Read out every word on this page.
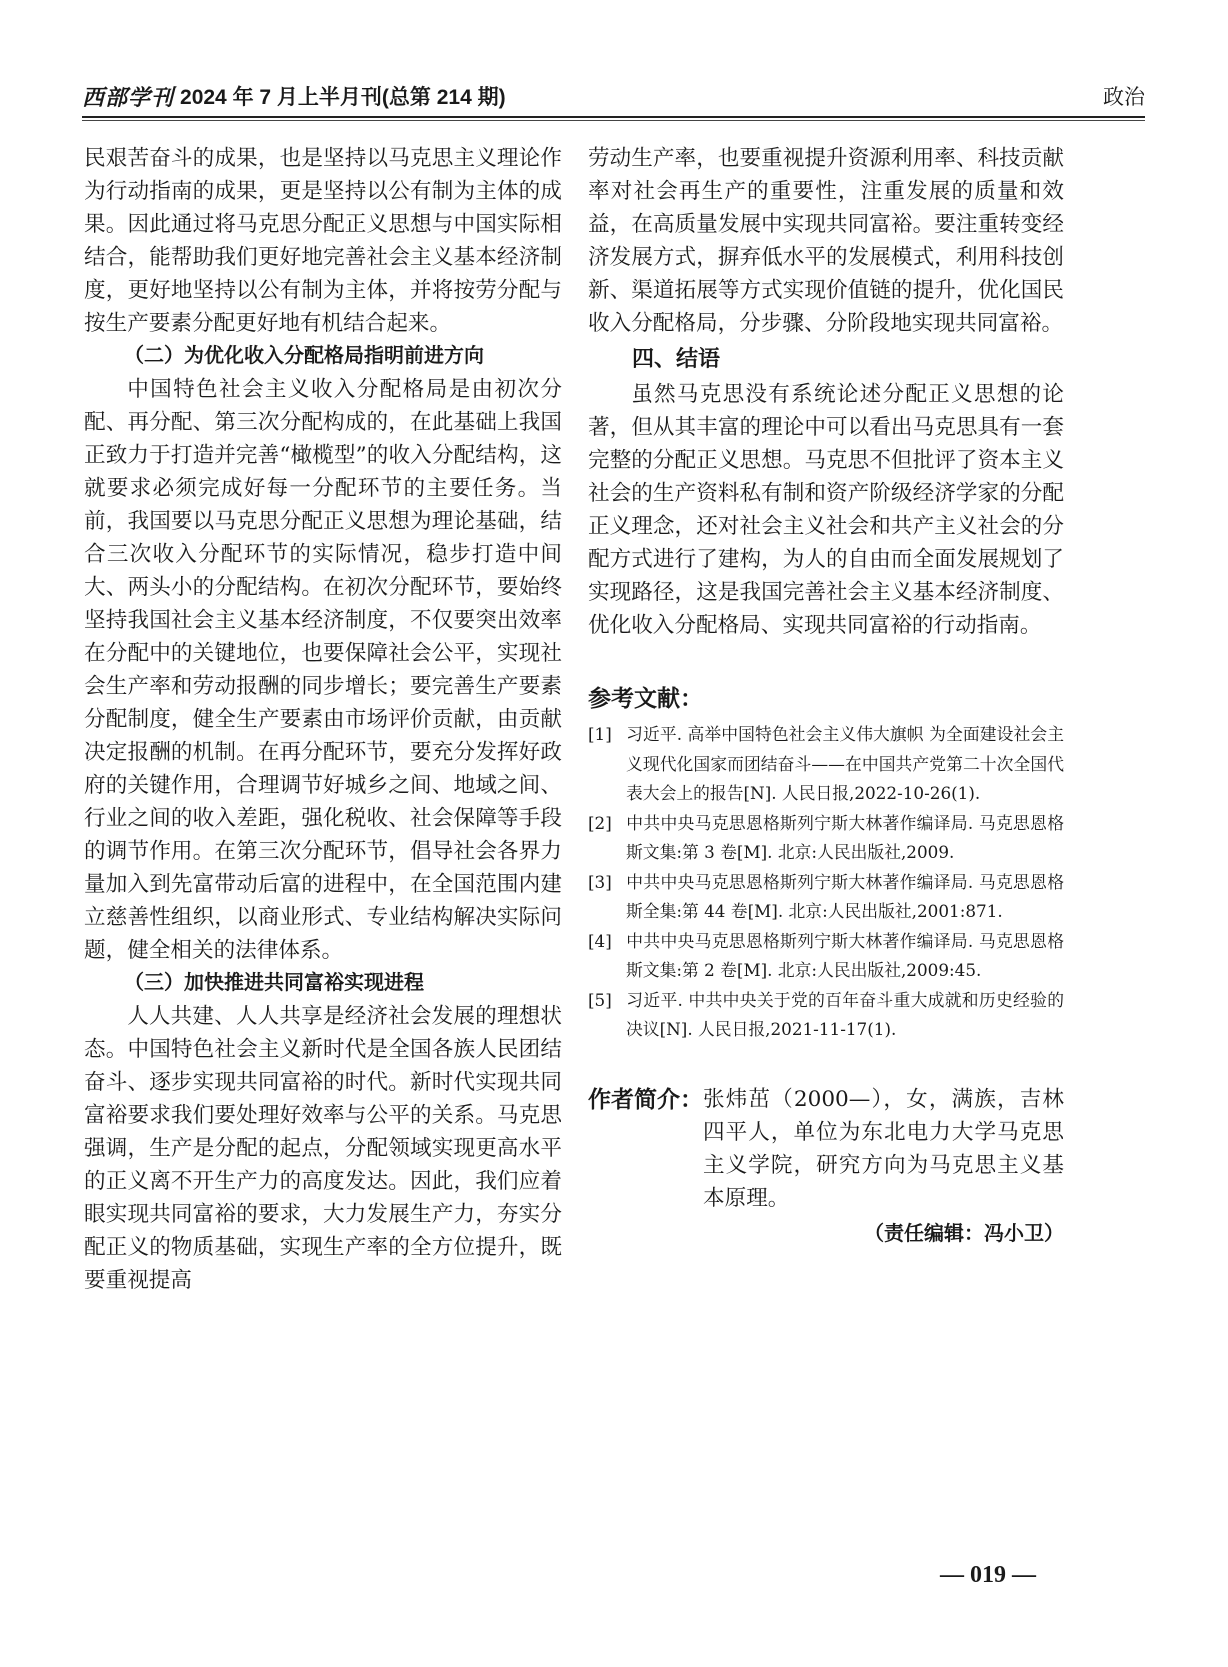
西部学刊 2024 年 7 月上半月刊(总第 214 期)	政治

民艰苦奋斗的成果，也是坚持以马克思主义理论作为行动指南的成果，更是坚持以公有制为主体的成果。因此通过将马克思分配正义思想与中国实际相结合，能帮助我们更好地完善社会主义基本经济制度，更好地坚持以公有制为主体，并将按劳分配与按生产要素分配更好地有机结合起来。

（二）为优化收入分配格局指明前进方向

中国特色社会主义收入分配格局是由初次分配、再分配、第三次分配构成的，在此基础上我国正致力于打造并完善“橄榄型”的收入分配结构，这就要求必须完成好每一分配环节的主要任务。当前，我国要以马克思分配正义思想为理论基础，结合三次收入分配环节的实际情况，稳步打造中间大、两头小的分配结构。在初次分配环节，要始终坚持我国社会主义基本经济制度，不仅要突出效率在分配中的关键地位，也要保障社会公平，实现社会生产率和劳动报酬的同步增长；要完善生产要素分配制度，健全生产要素由市场评价贡献，由贡献决定报酬的机制。在再分配环节，要充分发挥好政府的关键作用，合理调节好城乡之间、地域之间、行业之间的收入差距，强化税收、社会保障等手段的调节作用。在第三次分配环节，倡导社会各界力量加入到先富带动后富的进程中，在全国范围内建立慈善性组织，以商业形式、专业结构解决实际问题，健全相关的法律体系。

（三）加快推进共同富裕实现进程

人人共建、人人共享是经济社会发展的理想状态。中国特色社会主义新时代是全国各族人民团结奋斗、逐步实现共同富裕的时代。新时代实现共同富裕要求我们要处理好效率与公平的关系。马克思强调，生产是分配的起点，分配领域实现更高水平的正义离不开生产力的高度发达。因此，我们应着眼实现共同富裕的要求，大力发展生产力，夯实分配正义的物质基础，实现生产率的全方位提升，既要重视提高

劳动生产率，也要重视提升资源利用率、科技贡献率对社会再生产的重要性，注重发展的质量和效益，在高质量发展中实现共同富裕。要注重转变经济发展方式，摒弃低水平的发展模式，利用科技创新、渠道拓展等方式实现价值链的提升，优化国民收入分配格局，分步骤、分阶段地实现共同富裕。

四、结语

虽然马克思没有系统论述分配正义思想的论著，但从其丰富的理论中可以看出马克思具有一套完整的分配正义思想。马克思不但批评了资本主义社会的生产资料私有制和资产阶级经济学家的分配正义理念，还对社会主义社会和共产主义社会的分配方式进行了建构，为人的自由而全面发展规划了实现路径，这是我国完善社会主义基本经济制度、优化收入分配格局、实现共同富裕的行动指南。

参考文献：
[1] 习近平. 高举中国特色社会主义伟大旗帜 为全面建设社会主义现代化国家而团结奋斗——在中国共产党第二十次全国代表大会上的报告[N]. 人民日报,2022-10-26(1).
[2] 中共中央马克思恩格斯列宁斯大林著作编译局. 马克思恩格斯文集:第 3 卷[M]. 北京:人民出版社,2009.
[3] 中共中央马克思恩格斯列宁斯大林著作编译局. 马克思恩格斯全集:第 44 卷[M]. 北京:人民出版社,2001:871.
[4] 中共中央马克思恩格斯列宁斯大林著作编译局. 马克思恩格斯文集:第 2 卷[M]. 北京:人民出版社,2009:45.
[5] 习近平. 中共中央关于党的百年奋斗重大成就和历史经验的决议[N]. 人民日报,2021-11-17(1).
作者简介： 张炜茁（2000—），女，满族，吉林四平人，单位为东北电力大学马克思主义学院，研究方向为马克思主义基本原理。
（责任编辑：冯小卫）
— 019 —
